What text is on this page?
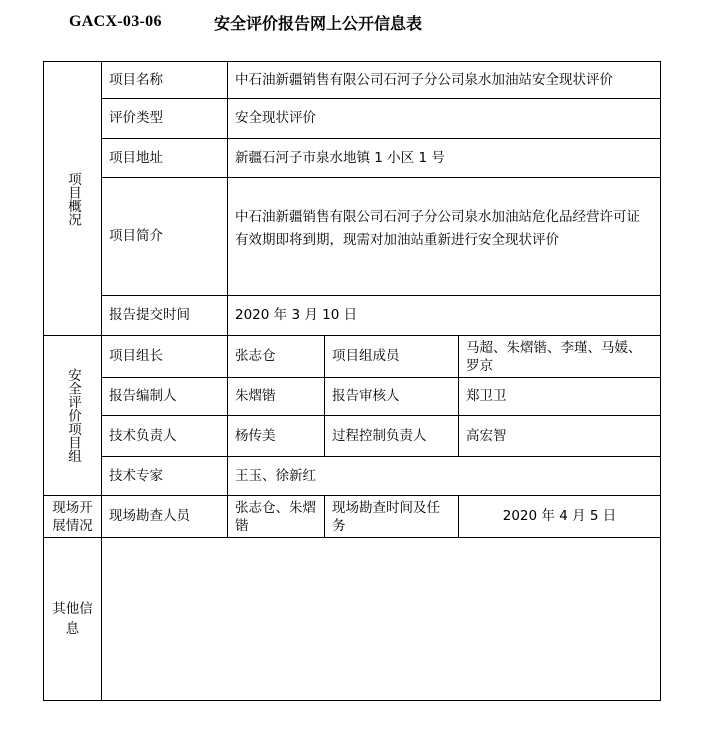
GACX-03-06	安全评价报告网上公开信息表
项目概况	项目名称	中石油新疆销售有限公司石河子分公司泉水加油站安全现状评价		
	评价类型	安全现状评价		
	项目地址	新疆石河子市泉水地镇 1 小区 1 号		
	项目简介	中石油新疆销售有限公司石河子分公司泉水加油站危化品经营许可证有效期即将到期，现需对加油站重新进行安全现状评价		
	报告提交时间	2020 年 3 月 10 日		

安全评价项目组	项目组长	张志仓	项目组成员	马超、朱熠锴、李瑾、马媛、罗京
	报告编制人	朱熠锴	报告审核人	郑卫卫
	技术负责人	杨传美	过程控制负责人	高宏智
	技术专家	王玉、徐新红		
现场开展情况	现场勘查人员	张志仓、朱熠锴	现场勘查时间及任务	2020 年 4 月 5 日
其他信息				
